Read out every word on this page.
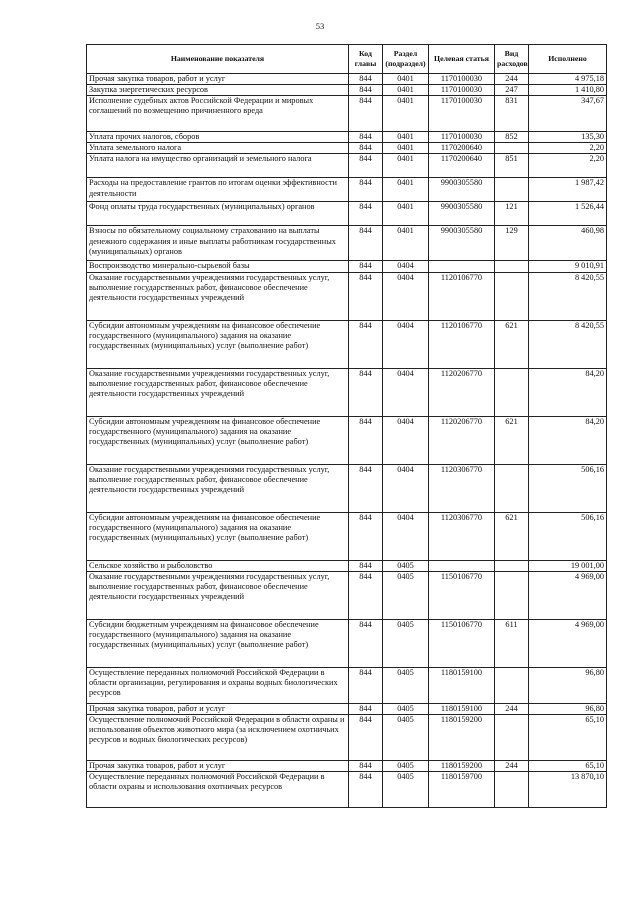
53
Наименование показателя	Код главы	Раздел (подраздел)	Целевая статья	Вид расходов	Исполнено
Прочая закупка товаров, работ и услуг	844	0401	1170100030	244	4 975,18
Закупка энергетических ресурсов	844	0401	1170100030	247	1 410,80
Исполнение судебных актов Российской Федерации и мировых соглашений по возмещению причиненного вреда	844	0401	1170100030	831	347,67
Уплата прочих налогов, сборов	844	0401	1170100030	852	135,30
Уплата земельного налога	844	0401	1170200640		2,20
Уплата налога на имущество организаций и земельного налога	844	0401	1170200640	851	2,20
Расходы на предоставление грантов по итогам оценки эффективности деятельности	844	0401	9900305580		1 987,42
Фонд оплаты труда государственных (муниципальных) органов	844	0401	9900305580	121	1 526,44
Взносы по обязательному социальному страхованию на выплаты денежного содержания и иные выплаты работникам государственных (муниципальных) органов	844	0401	9900305580	129	460,98
Воспроизводство минерально-сырьевой базы	844	0404			9 010,91
Оказание государственными учреждениями государственных услуг, выполнение государственных работ, финансовое обеспечение деятельности государственных учреждений	844	0404	1120106770		8 420,55
Субсидии автономным учреждениям на финансовое обеспечение государственного (муниципального) задания на оказание государственных (муниципальных) услуг (выполнение работ)	844	0404	1120106770	621	8 420,55
Оказание государственными учреждениями государственных услуг, выполнение государственных работ, финансовое обеспечение деятельности государственных учреждений	844	0404	1120206770		84,20
Субсидии автономным учреждениям на финансовое обеспечение государственного (муниципального) задания на оказание государственных (муниципальных) услуг (выполнение работ)	844	0404	1120206770	621	84,20
Оказание государственными учреждениями государственных услуг, выполнение государственных работ, финансовое обеспечение деятельности государственных учреждений	844	0404	1120306770		506,16
Субсидии автономным учреждениям на финансовое обеспечение государственного (муниципального) задания на оказание государственных (муниципальных) услуг (выполнение работ)	844	0404	1120306770	621	506,16
Сельское хозяйство и рыболовство	844	0405			19 001,00
Оказание государственными учреждениями государственных услуг, выполнение государственных работ, финансовое обеспечение деятельности государственных учреждений	844	0405	1150106770		4 969,00
Субсидии бюджетным учреждениям на финансовое обеспечение государственного (муниципального) задания на оказание государственных (муниципальных) услуг (выполнение работ)	844	0405	1150106770	611	4 969,00
Осуществление переданных полномочий Российской Федерации в области организации, регулирования и охраны водных биологических ресурсов	844	0405	1180159100		96,80
Прочая закупка товаров, работ и услуг	844	0405	1180159100	244	96,80
Осуществление полномочий Российской Федерации в области охраны и использования объектов животного мира (за исключением охотничьих ресурсов и водных биологических ресурсов)	844	0405	1180159200		65,10
Прочая закупка товаров, работ и услуг	844	0405	1180159200	244	65,10
Осуществление переданных полномочий Российской Федерации в области охраны и использования охотничьих ресурсов	844	0405	1180159700		13 870,10
